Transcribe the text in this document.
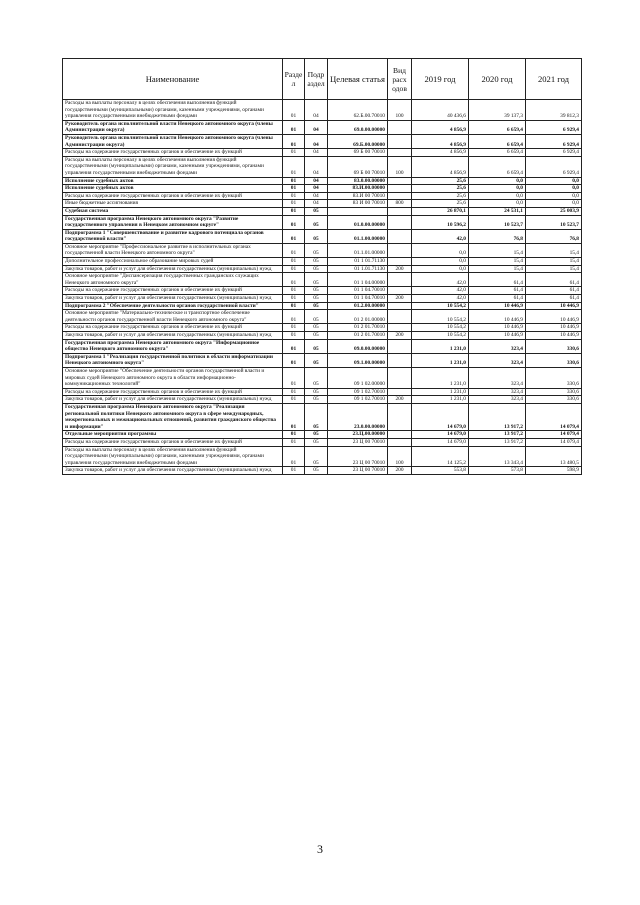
Наименование	Разде л	Подр аздел	Целевая статья	Вид расх одов	2019 год	2020 год	2021 год
Расходы на выплаты персоналу в целях обеспечения выполнения функций государственными (муниципальными) органами, казенными учреждениями, органами управления государственными внебюджетными фондами	01	04	62.Б.00.70010	100	40 436,6	39 137,3	39 812,3
Руководитель органа исполнительной власти Ненецкого автономного округа (члены Администрации округа)	01	04	69.0.00.00000		4 856,9	6 659,4	6 929,4
Руководитель органа исполнительной власти Ненецкого автономного округа (члены Администрации округа)	01	04	69.Б.00.00000		4 856,9	6 659,4	6 929,4
Расходы на содержание государственных органов и обеспечение их функций	01	04	69 Б 00 70010		4 856,9	6 659,4	6 929,4
Расходы на выплаты персоналу в целях обеспечения выполнения функций государственными (муниципальными) органами, казенными учреждениями, органами управления государственными внебюджетными фондами	01	04	69 Б 00 70010	100	4 856,9	6 659,4	6 929,4
Исполнение судебных актов	01	04	83.0.00.00000		25,6	0,0	0,0
Исполнение судебных актов	01	04	83.И.00.00000		25,6	0,0	0,0
Расходы на содержание государственных органов и обеспечение их функций	01	04	83.И 00 70010		25,6	0,0	0,0
Иные бюджетные ассигнования	01	04	83 И 00 70010	800	25,6	0,0	0,0
Судебная система	01	05			26 870,1	24 531,1	25 003,9
Государственная программа Ненецкого автономного округа "Развитие государственного управления в Ненецком автономном округе"	01	05	01.0.00.00000		10 596,2	10 523,7	10 523,7
Подпрограмма 1 "Совершенствование и развитие кадрового потенциала органов государственной власти"	01	05	01.1.00.00000		42,0	76,8	76,8
Основное мероприятие "Профессиональное развитие в исполнительных органах государственной власти Ненецкого автономного округа"	01	05	01.1.01.00000		0,0	15,4	15,4
Дополнительное профессиональное образование мировых судей	01	05	01 1 01.71130		0,0	15,4	15,4
Закупка товаров, работ и услуг для обеспечения государственных (муниципальных) нужд	01	05	01 1.01.71130	200	0,0	15,4	15,4
Основное мероприятие "Диспансеризация государственных гражданских служащих Ненецкого автономного округа"	01	05	01 1 04.00000		42,0	61,4	61,4
Расходы на содержание государственных органов и обеспечение их функций	01	05	01 1 04.70010		42,0	61,4	61,4
Закупка товаров, работ и услуг для обеспечения государственных (муниципальных) нужд	01	05	01 1 04.70010	200	42,0	61,4	61,4
Подпрограмма 2 "Обеспечение деятельности органов государственной власти"	01	05	01.2.00.00000		10 554,2	10 446,9	10 446,9
Основное мероприятие "Материально-техническое и транспортное обеспечение деятельности органов государственной власти Ненецкого автономного округа"	01	05	01 2 01.00000		10 554,2	10 446,9	10 446,9
Расходы на содержание государственных органов и обеспечение их функций	01	05	01 2 01.70010		10 554,2	10 446,9	10 446,9
Закупка товаров, работ и услуг для обеспечения государственных (муниципальных) нужд	01	05	01 2 01.70010	200	10 554,2	10 446,9	10 446,9
Государственная программа Ненецкого автономного округа "Информационное общество Ненецкого автономного округа"	01	05	09.0.00.00000		1 231,0	323,4	330,6
Подпрограмма 1 "Реализация государственной политики в области информатизации Ненецкого автономного округа"	01	05	09.1.00.00000		1 231,0	323,4	330,6
Основное мероприятие "Обеспечение деятельности органов государственной власти и мировых судей Ненецкого автономного округа в области информационно-коммуникационных технологий"	01	05	09 1 02.00000		1 231,0	323,4	330,6
Расходы на содержание государственных органов и обеспечение их функций	01	05	09 1 02.70010		1 231,0	323,4	330,6
Закупка товаров, работ и услуг для обеспечения государственных (муниципальных) нужд	01	05	09 1 02.70010	200	1 231,0	323,4	330,6
Государственная программа Ненецкого автономного округа "Реализация региональной политики Ненецкого автономного округа в сфере международных, межрегиональных и межнациональных отношений, развития гражданского общества и информации"	01	05	23.0.00.00000		14 679,0	13 917,2	14 079,4
Отдельные мероприятия программы	01	05	23.Ц.00.00000		14 679,0	13 917,2	14 079,4
Расходы на содержание государственных органов и обеспечение их функций	01	05	23 Ц 00 70010		14 679,0	13 917,2	14 079,4
Расходы на выплаты персоналу в целях обеспечения выполнения функций государственными (муниципальными) органами, казенными учреждениями, органами управления государственными внебюджетными фондами	01	05	23 Ц 00 70010	100	14 125,2	13 343,4	13 480,5
Закупка товаров, работ и услуг для обеспечения государственных (муниципальных) нужд	01	05	23 Ц 00 70010	200	553,8	573,8	598,9
3
